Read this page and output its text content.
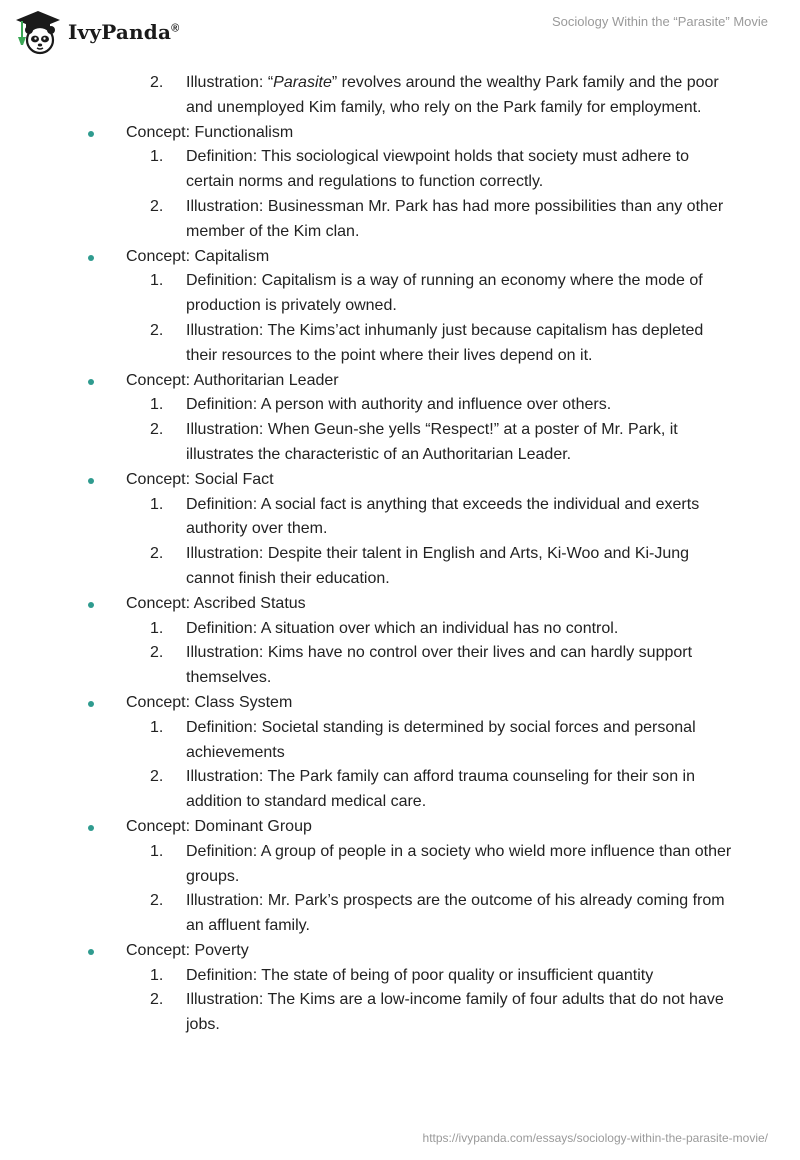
IvyPanda®	Sociology Within the “Parasite” Movie
2. Illustration: “Parasite” revolves around the wealthy Park family and the poor and unemployed Kim family, who rely on the Park family for employment.
Concept: Functionalism
1. Definition: This sociological viewpoint holds that society must adhere to certain norms and regulations to function correctly.
2. Illustration: Businessman Mr. Park has had more possibilities than any other member of the Kim clan.
Concept: Capitalism
1. Definition: Capitalism is a way of running an economy where the mode of production is privately owned.
2. Illustration: The Kims’act inhumanly just because capitalism has depleted their resources to the point where their lives depend on it.
Concept: Authoritarian Leader
1. Definition: A person with authority and influence over others.
2. Illustration: When Geun-she yells “Respect!” at a poster of Mr. Park, it illustrates the characteristic of an Authoritarian Leader.
Concept: Social Fact
1. Definition: A social fact is anything that exceeds the individual and exerts authority over them.
2. Illustration: Despite their talent in English and Arts, Ki-Woo and Ki-Jung cannot finish their education.
Concept: Ascribed Status
1. Definition: A situation over which an individual has no control.
2. Illustration: Kims have no control over their lives and can hardly support themselves.
Concept: Class System
1. Definition: Societal standing is determined by social forces and personal achievements
2. Illustration: The Park family can afford trauma counseling for their son in addition to standard medical care.
Concept: Dominant Group
1. Definition: A group of people in a society who wield more influence than other groups.
2. Illustration: Mr. Park’s prospects are the outcome of his already coming from an affluent family.
Concept: Poverty
1. Definition: The state of being of poor quality or insufficient quantity
2. Illustration: The Kims are a low-income family of four adults that do not have jobs.
https://ivypanda.com/essays/sociology-within-the-parasite-movie/
